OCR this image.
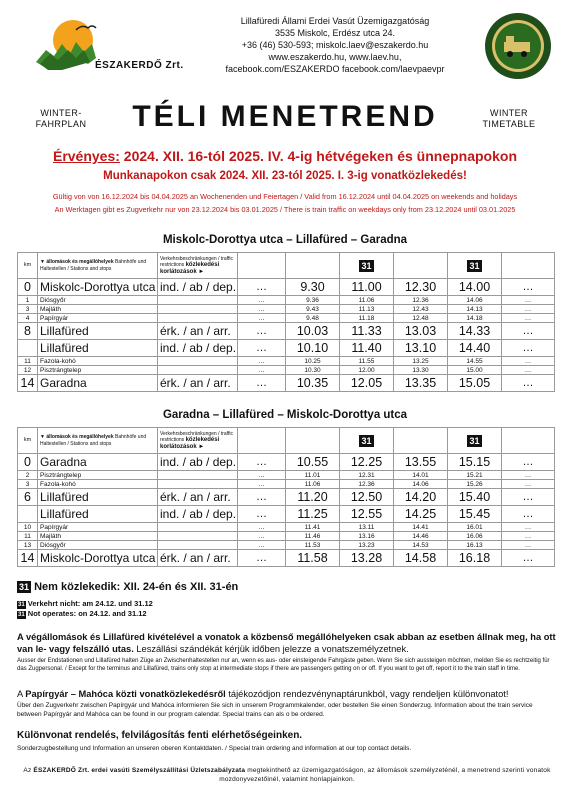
ÉSZAKERDŐ Zrt.
Lillafüredi Állami Erdei Vasút Üzemigazgatóság
3535 Miskolc, Erdész utca 24.
+36 (46) 530-593; miskolc.laev@eszakerdo.hu
www.eszakerdo.hu, www.laev.hu,
facebook.com/ESZAKERDO facebook.com/laevpaevpr
WINTER-
FAHRPLAN	TÉLI MENETREND	WINTER
TIMETABLE
Érvényes: 2024. XII. 16-tól 2025. IV. 4-ig hétvégeken és ünnepnapokon
Munkanapokon csak 2024. XII. 23-tól 2025. I. 3-ig vonatközlekedés!
Gültig von von 16.12.2024 bis 04.04.2025 an Wochenenden und Feiertagen / Valid from 16.12.2024 until 04.04.2025 on weekends and holidays
An Werktagen gibt es Zugverkehr nur von 23.12.2024 bis 03.01.2025 / There is train traffic on weekdays only from 23.12.2024 until 03.01.2025
Miskolc-Dorottya utca – Lillafüred – Garadna
km	▼ állomások és megállóhelyek Bahnhöfe und Haltestellen / Stations and stops	Verkehrsbeschränkungen / traffic restrictions közlekedési korlátozások ►			31		31	
0	Miskolc-Dorottya utca	ind. / ab / dep.	…	9.30	11.00	12.30	14.00	…
1	Diósgyőr		…	9.36	11.06	12.36	14.06	…
3	Majláth		…	9.43	11.13	12.43	14.13	…
4	Papírgyár		…	9.48	11.18	12.48	14.18	…
8	Lillafüred	érk. / an / arr.	…	10.03	11.33	13.03	14.33	…
	Lillafüred	ind. / ab / dep.	…	10.10	11.40	13.10	14.40	…
11	Fazola-kohó		…	10.25	11.55	13.25	14.55	…
12	Pisztrángtelep		…	10.30	12.00	13.30	15.00	…
14	Garadna	érk. / an / arr.	…	10.35	12.05	13.35	15.05	…
Garadna – Lillafüred – Miskolc-Dorottya utca
km	▼ állomások és megállóhelyek Bahnhöfe und Haltestellen / Stations and stops	Verkehrsbeschränkungen / traffic restrictions közlekedési korlátozások ►			31		31	
0	Garadna	ind. / ab / dep.	…	10.55	12.25	13.55	15.15	…
2	Pisztrángtelep		…	11.01	12.31	14.01	15.21	…
3	Fazola-kohó		…	11.06	12.36	14.06	15.26	…
6	Lillafüred	érk. / an / arr.	…	11.20	12.50	14.20	15.40	…
	Lillafüred	ind. / ab / dep.	…	11.25	12.55	14.25	15.45	…
10	Papírgyár		…	11.41	13.11	14.41	16.01	…
11	Majláth		…	11.46	13.16	14.46	16.06	…
13	Diósgyőr		…	11.53	13.23	14.53	16.13	…
14	Miskolc-Dorottya utca	érk. / an / arr.	…	11.58	13.28	14.58	16.18	…
31 Nem közlekedik: XII. 24-én és XII. 31-én
31 Verkehrt nicht: am 24.12. und 31.12
31 Not operates: on 24.12. and 31.12
A végállomások és Lillafüred kivételével a vonatok a közbenső megállóhelyeken csak abban az esetben állnak meg, ha ott van le- vagy felszálló utas. Leszállási szándékát kérjük időben jelezze a vonatszemélyzetnek.
Ausser der Endstationen und Lillafüred halten Züge an Zwischenhaltestellen nur an, wenn es aus- oder einsteigende Fahrgäste geben. Wenn Sie sich aussteigen möchten, melden Sie es rechtzeitig für das Zugpersonal. / Except for the terminus and Lillafüred, trains only stop at intermediate stops if there are passengers getting on or off. If you want to get off, report it to the train staff in time.
A Papírgyár – Mahóca közti vonatközlekedésről tájékozódjon rendezvénynaptárunkból, vagy rendeljen különvonatot!
Über den Zugverkehr zwischen Papírgyár und Mahóca informieren Sie sich in unserem Programmkalender, oder bestellen Sie einen Sonderzug. Information about the train service between Papírgyár and Mahóca can be found in our program calendar. Special trains can als o be ordered.
Különvonat rendelés, felvilágosítás fenti elérhetőségeinken.
Sonderzugbestellung und Information an unseren oberen Kontaktdaten. / Special train ordering and information at our top contact details.
Az ÉSZAKERDŐ Zrt. erdei vasúti Személyszállítási Üzletszabályzata megtekinthető az üzemigazgatóságon, az állomások személyzeténél, a menetrend szerinti vonatok mozdonyvezetőinél, valamint honlapjainkon.
